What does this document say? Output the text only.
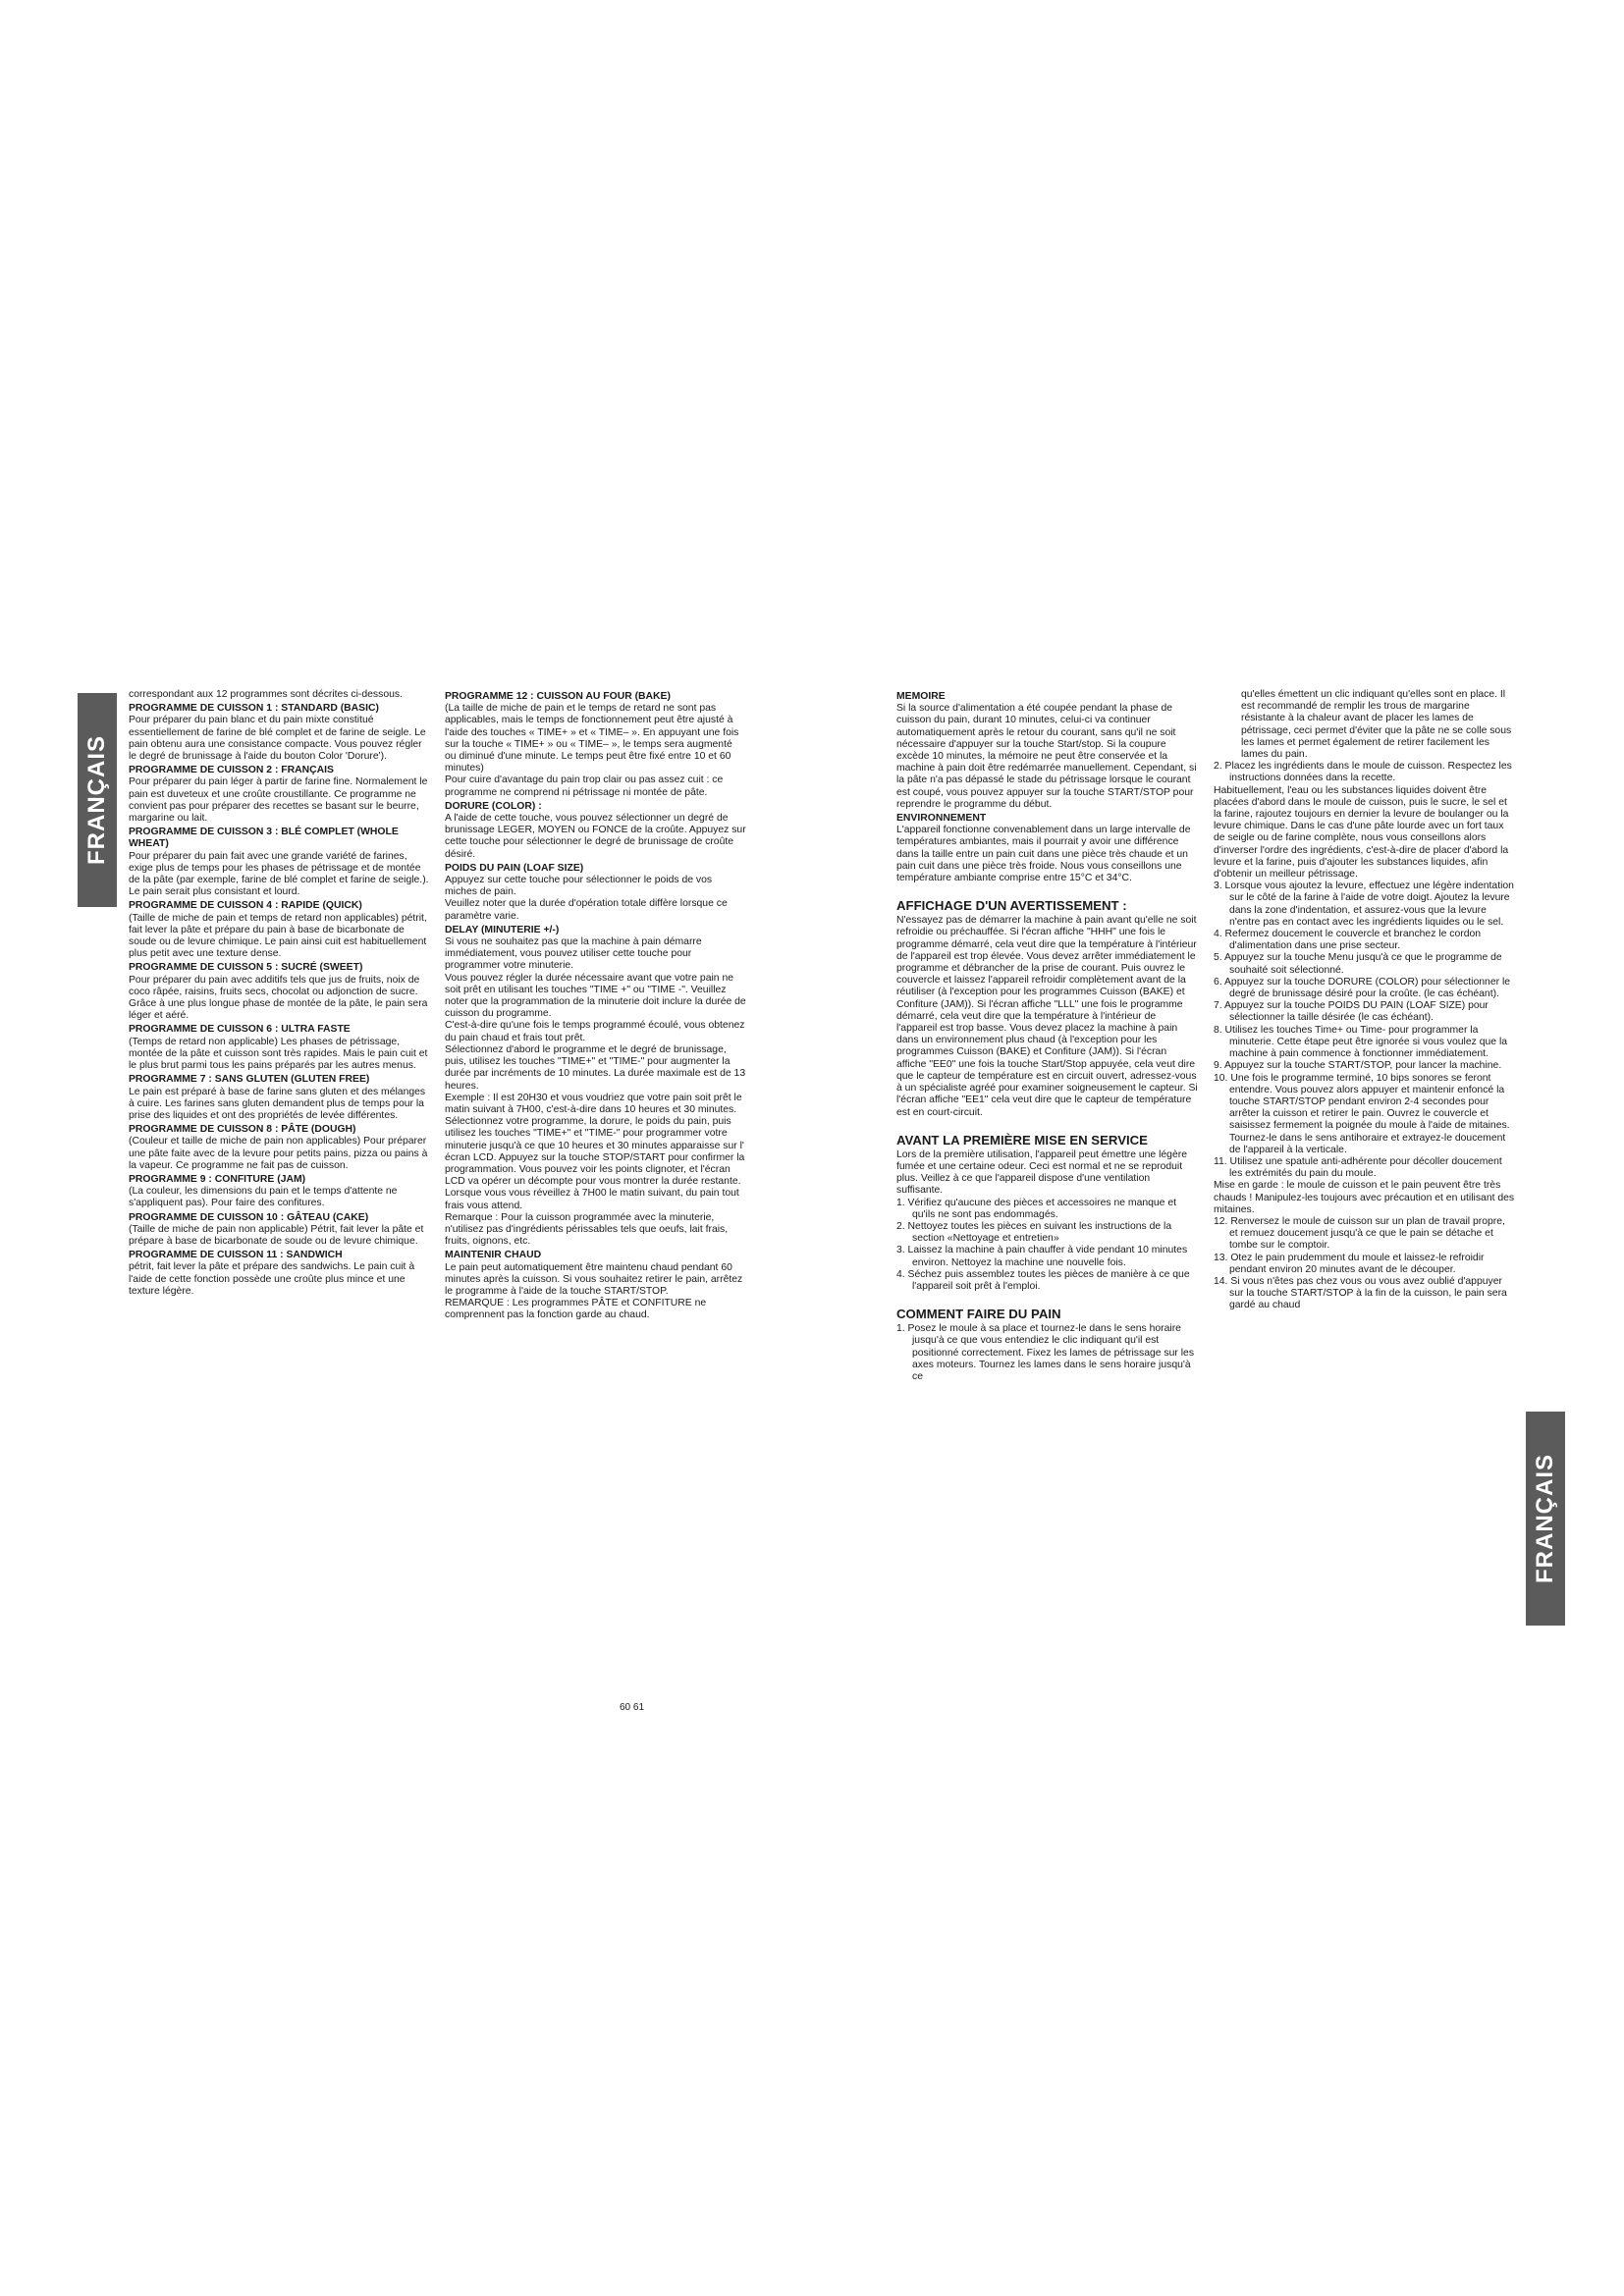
FRANÇAIS
FRANÇAIS

correspondant aux 12 programmes sont décrites ci-dessous.

PROGRAMME DE CUISSON 1 : STANDARD (BASIC)

Pour préparer du pain blanc et du pain mixte constitué essentiellement de farine de blé complet et de farine de seigle. Le pain obtenu aura une consistance compacte. Vous pouvez régler le degré de brunissage à l'aide du bouton Color 'Dorure').

PROGRAMME DE CUISSON 2 : FRANÇAIS

Pour préparer du pain léger à partir de farine fine. Normalement le pain est duveteux et une croûte croustillante. Ce programme ne convient pas pour préparer des recettes se basant sur le beurre, margarine ou lait.

PROGRAMME DE CUISSON 3 : BLÉ COMPLET (WHOLE WHEAT)

Pour préparer du pain fait avec une grande variété de farines, exige plus de temps pour les phases de pétrissage et de montée de la pâte (par exemple, farine de blé complet et farine de seigle.). Le pain serait plus consistant et lourd.

PROGRAMME DE CUISSON 4 : RAPIDE (QUICK)

(Taille de miche de pain et temps de retard non applicables) pétrit, fait lever la pâte et prépare du pain à base de bicarbonate de soude ou de levure chimique. Le pain ainsi cuit est habituellement plus petit avec une texture dense.

PROGRAMME DE CUISSON 5 : SUCRÉ (SWEET)

Pour préparer du pain avec additifs tels que jus de fruits, noix de coco râpée, raisins, fruits secs, chocolat ou adjonction de sucre. Grâce à une plus longue phase de montée de la pâte, le pain sera léger et aéré.

PROGRAMME DE CUISSON 6 : ULTRA FASTE

(Temps de retard non applicable) Les phases de pétrissage, montée de la pâte et cuisson sont très rapides. Mais le pain cuit et le plus brut parmi tous les pains préparés par les autres menus.

PROGRAMME 7 : SANS GLUTEN (GLUTEN FREE)

Le pain est préparé à base de farine sans gluten et des mélanges à cuire. Les farines sans gluten demandent plus de temps pour la prise des liquides et ont des propriétés de levée différentes.

PROGRAMME DE CUISSON 8 : PÂTE (DOUGH)

(Couleur et taille de miche de pain non applicables) Pour préparer une pâte faite avec de la levure pour petits pains, pizza ou pains à la vapeur. Ce programme ne fait pas de cuisson.

PROGRAMME 9 : CONFITURE (JAM)

(La couleur, les dimensions du pain et le temps d'attente ne s'appliquent pas). Pour faire des confitures.

PROGRAMME DE CUISSON 10 : GÂTEAU (CAKE)

(Taille de miche de pain non applicable) Pétrit, fait lever la pâte et prépare à base de bicarbonate de soude ou de levure chimique.

PROGRAMME DE CUISSON 11 : SANDWICH

pétrit, fait lever la pâte et prépare des sandwichs. Le pain cuit à l'aide de cette fonction possède une croûte plus mince et une texture légère.

PROGRAMME 12 : CUISSON AU FOUR (BAKE)

(La taille de miche de pain et le temps de retard ne sont pas applicables, mais le temps de fonctionnement peut être ajusté à l'aide des touches « TIME+ » et « TIME– ». En appuyant une fois sur la touche « TIME+ » ou « TIME– », le temps sera augmenté ou diminué d'une minute. Le temps peut être fixé entre 10 et 60 minutes)

Pour cuire d'avantage du pain trop clair ou pas assez cuit : ce programme ne comprend ni pétrissage ni montée de pâte.

DORURE (COLOR) :

A l'aide de cette touche, vous pouvez sélectionner un degré de brunissage LEGER, MOYEN ou FONCE de la croûte. Appuyez sur cette touche pour sélectionner le degré de brunissage de croûte désiré.

POIDS DU PAIN (LOAF SIZE)

Appuyez sur cette touche pour sélectionner le poids de vos miches de pain.

Veuillez noter que la durée d'opération totale diffère lorsque ce paramètre varie.

DELAY (MINUTERIE +/-)

Si vous ne souhaitez pas que la machine à pain démarre immédiatement, vous pouvez utiliser cette touche pour programmer votre minuterie.

Vous pouvez régler la durée nécessaire avant que votre pain ne soit prêt en utilisant les touches "TIME +" ou "TIME -". Veuillez noter que la programmation de la minuterie doit inclure la durée de cuisson du programme.

C'est-à-dire qu'une fois le temps programmé écoulé, vous obtenez du pain chaud et frais tout prêt.

Sélectionnez d'abord le programme et le degré de brunissage, puis, utilisez les touches "TIME+" et "TIME-" pour augmenter la durée par incréments de 10 minutes. La durée maximale est de 13 heures.

Exemple : Il est 20H30 et vous voudriez que votre pain soit prêt le matin suivant à 7H00, c'est-à-dire dans 10 heures et 30 minutes. Sélectionnez votre programme, la dorure, le poids du pain, puis utilisez les touches "TIME+" et "TIME-" pour programmer votre minuterie jusqu'à ce que 10 heures et 30 minutes apparaisse sur l' écran LCD. Appuyez sur la touche STOP/START pour confirmer la programmation. Vous pouvez voir les points clignoter, et l'écran LCD va opérer un décompte pour vous montrer la durée restante. Lorsque vous vous réveillez à 7H00 le matin suivant, du pain tout frais vous attend.

Remarque : Pour la cuisson programmée avec la minuterie, n'utilisez pas d'ingrédients périssables tels que oeufs, lait frais, fruits, oignons, etc.

MAINTENIR CHAUD

Le pain peut automatiquement être maintenu chaud pendant 60 minutes après la cuisson. Si vous souhaitez retirer le pain, arrêtez le programme à l'aide de la touche START/STOP.

REMARQUE : Les programmes PÂTE et CONFITURE ne comprennent pas la fonction garde au chaud.

MEMOIRE

Si la source d'alimentation a été coupée pendant la phase de cuisson du pain, durant 10 minutes, celui-ci va continuer automatiquement après le retour du courant, sans qu'il ne soit nécessaire d'appuyer sur la touche Start/stop. Si la coupure excède 10 minutes, la mémoire ne peut être conservée et la machine à pain doit être redémarrée manuellement. Cependant, si la pâte n'a pas dépassé le stade du pétrissage lorsque le courant est coupé, vous pouvez appuyer sur la touche START/STOP pour reprendre le programme du début.

ENVIRONNEMENT

L'appareil fonctionne convenablement dans un large intervalle de températures ambiantes, mais il pourrait y avoir une différence dans la taille entre un pain cuit dans une pièce très chaude et un pain cuit dans une pièce très froide. Nous vous conseillons une température ambiante comprise entre 15°C et 34°C.

AFFICHAGE D'UN AVERTISSEMENT :

N'essayez pas de démarrer la machine à pain avant qu'elle ne soit refroidie ou préchauffée. Si l'écran affiche "HHH" une fois le programme démarré, cela veut dire que la température à l'intérieur de l'appareil est trop élevée. Vous devez arrêter immédiatement le programme et débrancher de la prise de courant. Puis ouvrez le couvercle et laissez l'appareil refroidir complètement avant de la réutiliser (à l'exception pour les programmes Cuisson (BAKE) et Confiture (JAM)). Si l'écran affiche "LLL" une fois le programme démarré, cela veut dire que la température à l'intérieur de l'appareil est trop basse. Vous devez placez la machine à pain dans un environnement plus chaud (à l'exception pour les programmes Cuisson (BAKE) et Confiture (JAM)). Si l'écran affiche "EE0" une fois la touche Start/Stop appuyée, cela veut dire que le capteur de température est en circuit ouvert, adressez-vous à un spécialiste agréé pour examiner soigneusement le capteur. Si l'écran affiche "EE1" cela veut dire que le capteur de température est en court-circuit.

AVANT LA PREMIÈRE MISE EN SERVICE

Lors de la première utilisation, l'appareil peut émettre une légère fumée et une certaine odeur. Ceci est normal et ne se reproduit plus. Veillez à ce que l'appareil dispose d'une ventilation suffisante.

1. Vérifiez qu'aucune des pièces et accessoires ne manque et qu'ils ne sont pas endommagés.

2. Nettoyez toutes les pièces en suivant les instructions de la section «Nettoyage et entretien»

3. Laissez la machine à pain chauffer à vide pendant 10 minutes environ. Nettoyez la machine une nouvelle fois.

4. Séchez puis assemblez toutes les pièces de manière à ce que l'appareil soit prêt à l'emploi.

COMMENT FAIRE DU PAIN

1. Posez le moule à sa place et tournez-le dans le sens horaire jusqu'à ce que vous entendiez le clic indiquant qu'il est positionné correctement. Fixez les lames de pétrissage sur les axes moteurs. Tournez les lames dans le sens horaire jusqu'à ce

qu'elles émettent un clic indiquant qu'elles sont en place. Il est recommandé de remplir les trous de margarine résistante à la chaleur avant de placer les lames de pétrissage, ceci permet d'éviter que la pâte ne se colle sous les lames et permet également de retirer facilement les lames du pain.

2. Placez les ingrédients dans le moule de cuisson. Respectez les instructions données dans la recette.

Habituellement, l'eau ou les substances liquides doivent être placées d'abord dans le moule de cuisson, puis le sucre, le sel et la farine, rajoutez toujours en dernier la levure de boulanger ou la levure chimique. Dans le cas d'une pâte lourde avec un fort taux de seigle ou de farine complète, nous vous conseillons alors d'inverser l'ordre des ingrédients, c'est-à-dire de placer d'abord la levure et la farine, puis d'ajouter les substances liquides, afin d'obtenir un meilleur pétrissage.

3. Lorsque vous ajoutez la levure, effectuez une légère indentation sur le côté de la farine à l'aide de votre doigt. Ajoutez la levure dans la zone d'indentation, et assurez-vous que la levure n'entre pas en contact avec les ingrédients liquides ou le sel.

4. Refermez doucement le couvercle et branchez le cordon d'alimentation dans une prise secteur.

5. Appuyez sur la touche Menu jusqu'à ce que le programme de souhaité soit sélectionné.

6. Appuyez sur la touche DORURE (COLOR) pour sélectionner le degré de brunissage désiré pour la croûte. (le cas échéant).

7. Appuyez sur la touche POIDS DU PAIN (LOAF SIZE) pour sélectionner la taille désirée (le cas échéant).

8. Utilisez les touches Time+ ou Time- pour programmer la minuterie. Cette étape peut être ignorée si vous voulez que la machine à pain commence à fonctionner immédiatement.

9. Appuyez sur la touche START/STOP, pour lancer la machine.

10. Une fois le programme terminé, 10 bips sonores se feront entendre. Vous pouvez alors appuyer et maintenir enfoncé la touche START/STOP pendant environ 2-4 secondes pour arrêter la cuisson et retirer le pain. Ouvrez le couvercle et saisissez fermement la poignée du moule à l'aide de mitaines. Tournez-le dans le sens antihoraire et extrayez-le doucement de l'appareil à la verticale.

11. Utilisez une spatule anti-adhérente pour décoller doucement les extrémités du pain du moule.

Mise en garde : le moule de cuisson et le pain peuvent être très chauds ! Manipulez-les toujours avec précaution et en utilisant des mitaines.

12. Renversez le moule de cuisson sur un plan de travail propre, et remuez doucement jusqu'à ce que le pain se détache et tombe sur le comptoir.

13. Otez le pain prudemment du moule et laissez-le refroidir pendant environ 20 minutes avant de le découper.

14. Si vous n'êtes pas chez vous ou vous avez oublié d'appuyer sur la touche START/STOP à la fin de la cuisson, le pain sera gardé au chaud

60 61
